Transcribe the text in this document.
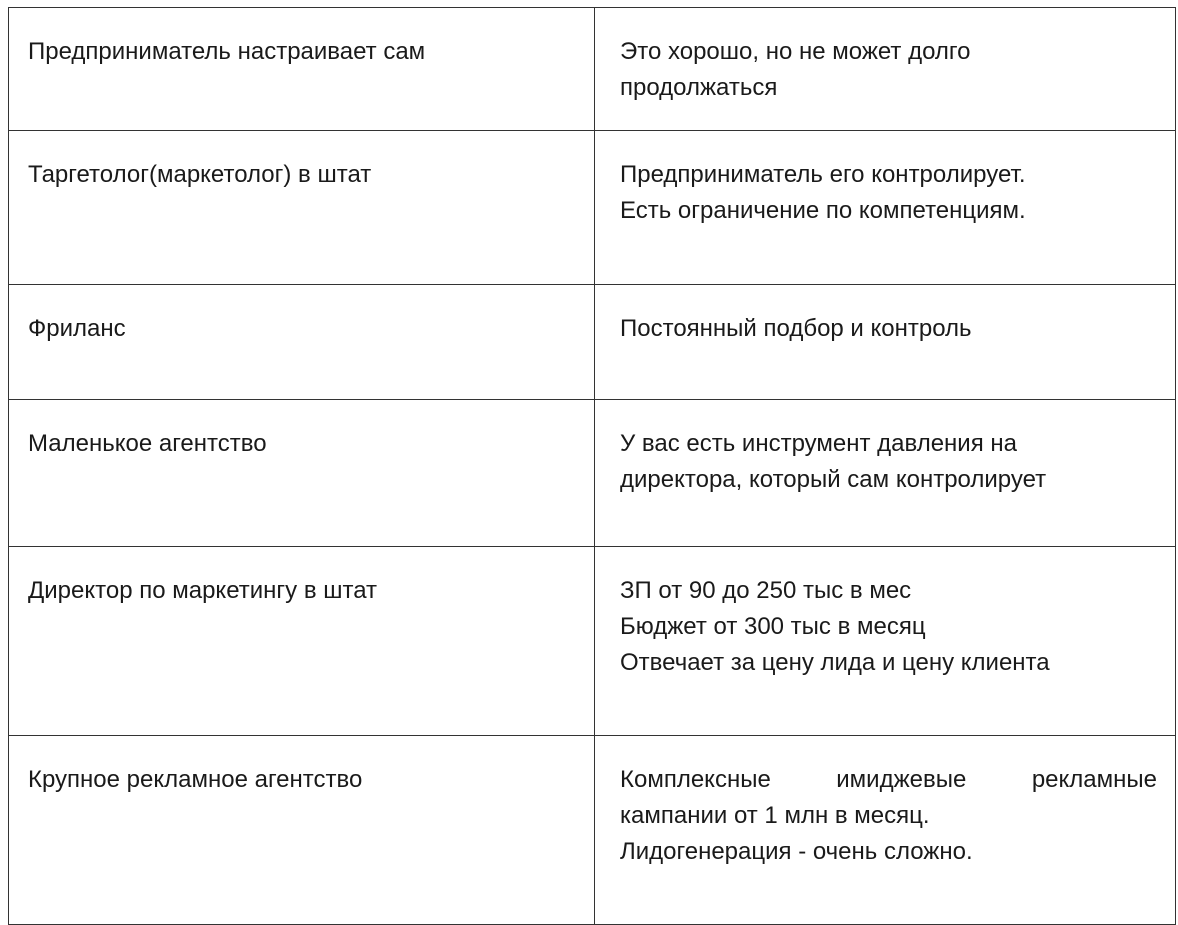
Предприниматель настраивает сам	Это хорошо, но не может долго
продолжаться

Таргетолог(маркетолог) в штат	Предприниматель его контролирует.
Есть ограничение по компетенциям.

Фриланс	Постоянный подбор и контроль

Маленькое агентство	У вас есть инструмент давления на
директора, который сам контролирует

Директор по маркетингу в штат	ЗП от 90 до 250 тыс в мес
Бюджет от 300 тыс в месяц
Отвечает за цену лида и цену клиента

Крупное рекламное агентство	Комплексные имиджевые рекламные
кампании от 1 млн в месяц.
Лидогенерация - очень сложно.
